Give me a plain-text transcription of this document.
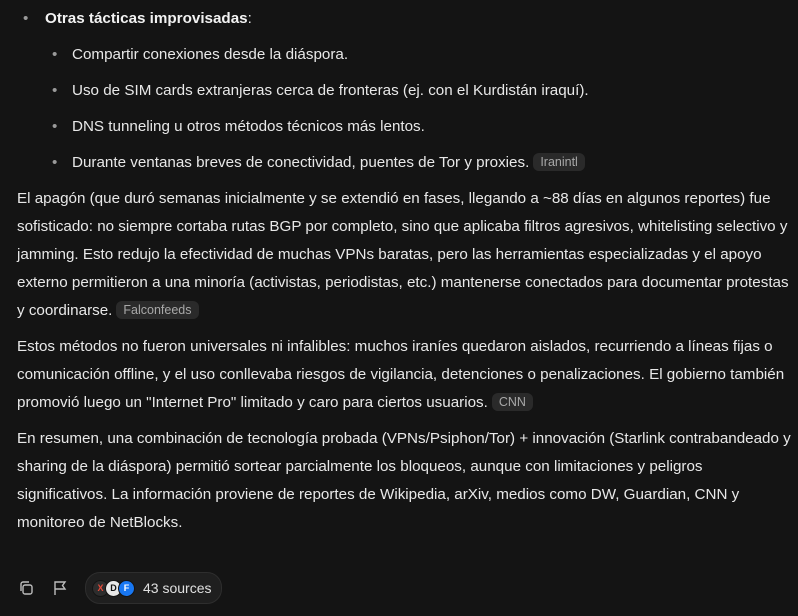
• Otras tácticas improvisadas:
• Compartir conexiones desde la diáspora.
• Uso de SIM cards extranjeras cerca de fronteras (ej. con el Kurdistán iraquí).
• DNS tunneling u otros métodos técnicos más lentos.
• Durante ventanas breves de conectividad, puentes de Tor y proxies. Iranintl

El apagón (que duró semanas inicialmente y se extendió en fases, llegando a ~88 días en algunos reportes) fue sofisticado: no siempre cortaba rutas BGP por completo, sino que aplicaba filtros agresivos, whitelisting selectivo y jamming. Esto redujo la efectividad de muchas VPNs baratas, pero las herramientas especializadas y el apoyo externo permitieron a una minoría (activistas, periodistas, etc.) mantenerse conectados para documentar protestas y coordinarse. Falconfeeds

Estos métodos no fueron universales ni infalibles: muchos iraníes quedaron aislados, recurriendo a líneas fijas o comunicación offline, y el uso conllevaba riesgos de vigilancia, detenciones o penalizaciones. El gobierno también promovió luego un "Internet Pro" limitado y caro para ciertos usuarios. CNN

En resumen, una combinación de tecnología probada (VPNs/Psiphon/Tor) + innovación (Starlink contrabandeado y sharing de la diáspora) permitió sortear parcialmente los bloqueos, aunque con limitaciones y peligros significativos. La información proviene de reportes de Wikipedia, arXiv, medios como DW, Guardian, CNN y monitoreo de NetBlocks.

X D F 43 sources
